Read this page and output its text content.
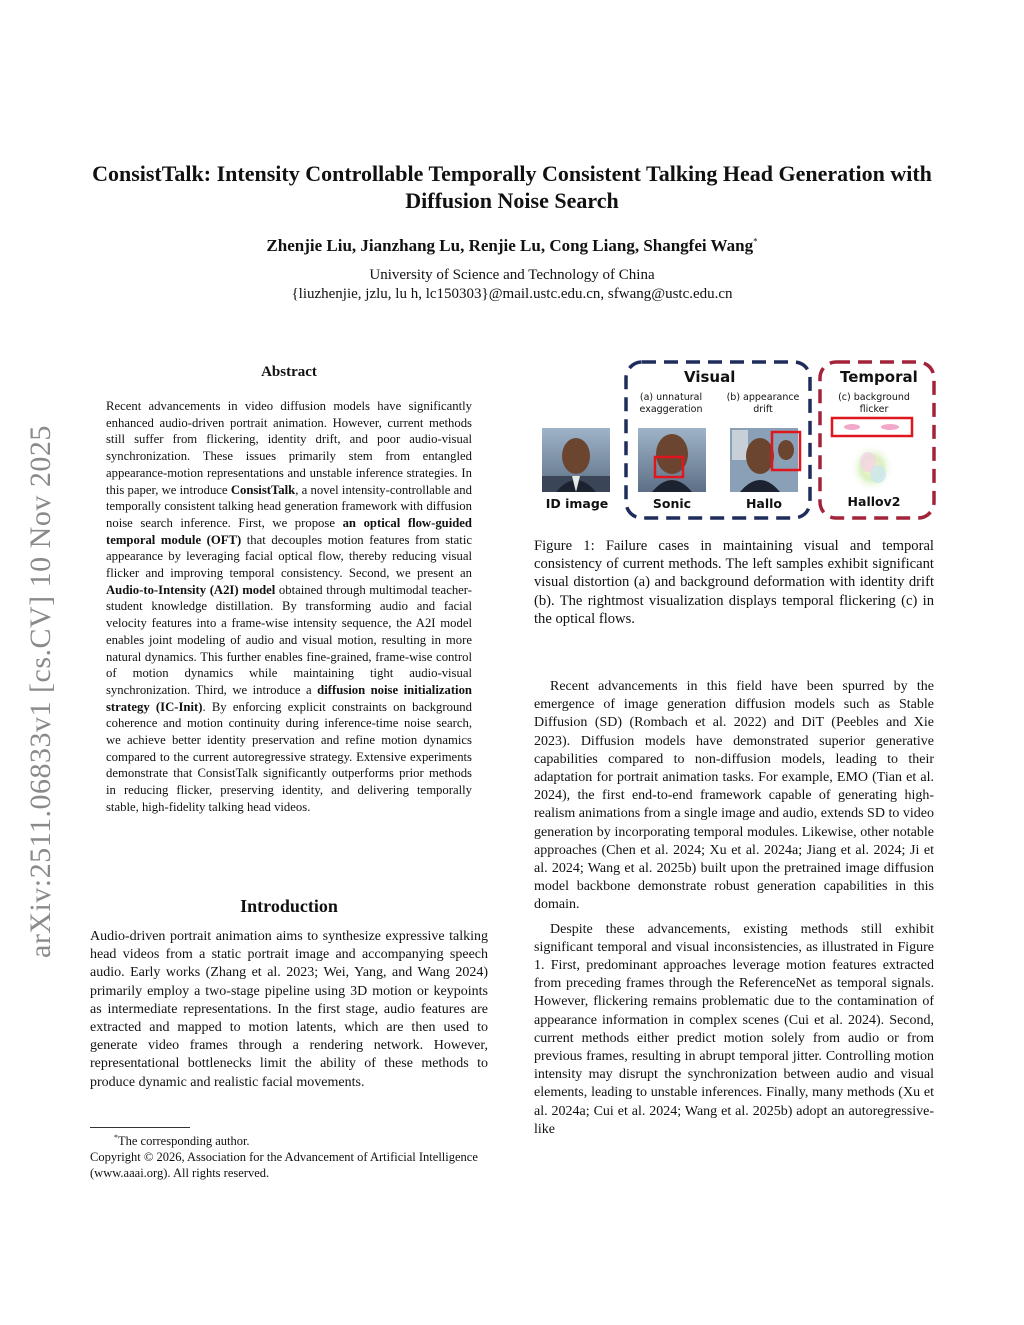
arXiv:2511.06833v1 [cs.CV] 10 Nov 2025
ConsistTalk: Intensity Controllable Temporally Consistent Talking Head Generation with Diffusion Noise Search
Zhenjie Liu, Jianzhang Lu, Renjie Lu, Cong Liang, Shangfei Wang*
University of Science and Technology of China
{liuzhenjie, jzlu, lu h, lc150303}@mail.ustc.edu.cn, sfwang@ustc.edu.cn
Abstract
Recent advancements in video diffusion models have significantly enhanced audio-driven portrait animation. However, current methods still suffer from flickering, identity drift, and poor audio-visual synchronization. These issues primarily stem from entangled appearance-motion representations and unstable inference strategies. In this paper, we introduce ConsistTalk, a novel intensity-controllable and temporally consistent talking head generation framework with diffusion noise search inference. First, we propose an optical flow-guided temporal module (OFT) that decouples motion features from static appearance by leveraging facial optical flow, thereby reducing visual flicker and improving temporal consistency. Second, we present an Audio-to-Intensity (A2I) model obtained through multimodal teacher-student knowledge distillation. By transforming audio and facial velocity features into a frame-wise intensity sequence, the A2I model enables joint modeling of audio and visual motion, resulting in more natural dynamics. This further enables fine-grained, frame-wise control of motion dynamics while maintaining tight audio-visual synchronization. Third, we introduce a diffusion noise initialization strategy (IC-Init). By enforcing explicit constraints on background coherence and motion continuity during inference-time noise search, we achieve better identity preservation and refine motion dynamics compared to the current autoregressive strategy. Extensive experiments demonstrate that ConsistTalk significantly outperforms prior methods in reducing flicker, preserving identity, and delivering temporally stable, high-fidelity talking head videos.
Introduction

Audio-driven portrait animation aims to synthesize expressive talking head videos from a static portrait image and accompanying speech audio. Early works (Zhang et al. 2023; Wei, Yang, and Wang 2024) primarily employ a two-stage pipeline using 3D motion or keypoints as intermediate representations. In the first stage, audio features are extracted and mapped to motion latents, which are then used to generate video frames through a rendering network. However, representational bottlenecks limit the ability of these methods to produce dynamic and realistic facial movements.

*The corresponding author.
Copyright © 2026, Association for the Advancement of Artificial Intelligence (www.aaai.org). All rights reserved.
Visual	Temporal
(a) unnatural exaggeration
(b) appearance drift
(c) background flicker
ID image	Sonic	Hallo	Hallov2
Figure 1: Failure cases in maintaining visual and temporal consistency of current methods. The left samples exhibit significant visual distortion (a) and background deformation with identity drift (b). The rightmost visualization displays temporal flickering (c) in the optical flows.

Recent advancements in this field have been spurred by the emergence of image generation diffusion models such as Stable Diffusion (SD) (Rombach et al. 2022) and DiT (Peebles and Xie 2023). Diffusion models have demonstrated superior generative capabilities compared to non-diffusion models, leading to their adaptation for portrait animation tasks. For example, EMO (Tian et al. 2024), the first end-to-end framework capable of generating high-realism animations from a single image and audio, extends SD to video generation by incorporating temporal modules. Likewise, other notable approaches (Chen et al. 2024; Xu et al. 2024a; Jiang et al. 2024; Ji et al. 2024; Wang et al. 2025b) built upon the pretrained image diffusion model backbone demonstrate robust generation capabilities in this domain.

Despite these advancements, existing methods still exhibit significant temporal and visual inconsistencies, as illustrated in Figure 1. First, predominant approaches leverage motion features extracted from preceding frames through the ReferenceNet as temporal signals. However, flickering remains problematic due to the contamination of appearance information in complex scenes (Cui et al. 2024). Second, current methods either predict motion solely from audio or from previous frames, resulting in abrupt temporal jitter. Controlling motion intensity may disrupt the synchronization between audio and visual elements, leading to unstable inferences. Finally, many methods (Xu et al. 2024a; Cui et al. 2024; Wang et al. 2025b) adopt an autoregressive-like
